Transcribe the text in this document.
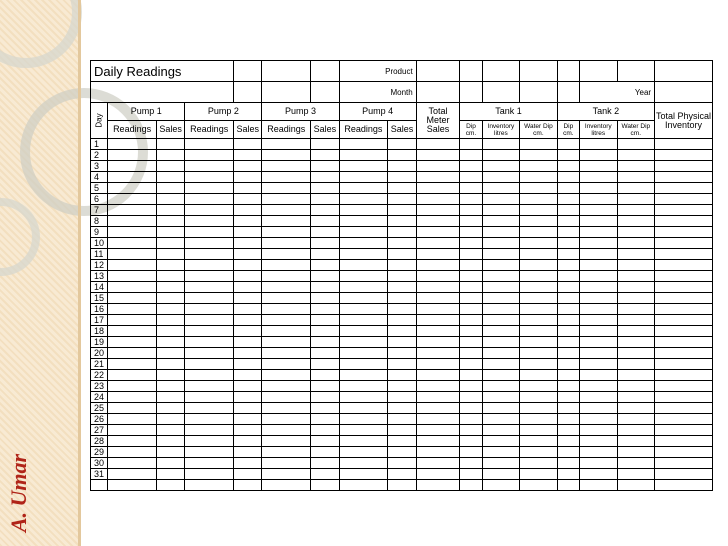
A. Umar
Daily Readings							Product									
							Month							Year		
Day	Pump 1		Pump 2		Pump 3		Pump 4		Total Meter Sales	Tank 1			Tank 2			Total Physical Inventory
	Readings	Sales	Readings	Sales	Readings	Sales	Readings	Sales		Dip cm.	Inventory litres	Water Dip cm.	Dip cm.	Inventory litres	Water Dip cm.	
1																
2																
3																
4																
5																
6																
7																
8																
9																
10																
11																
12																
13																
14																
15																
16																
17																
18																
19																
20																
21																
22																
23																
24																
25																
26																
27																
28																
29																
30																
31																
